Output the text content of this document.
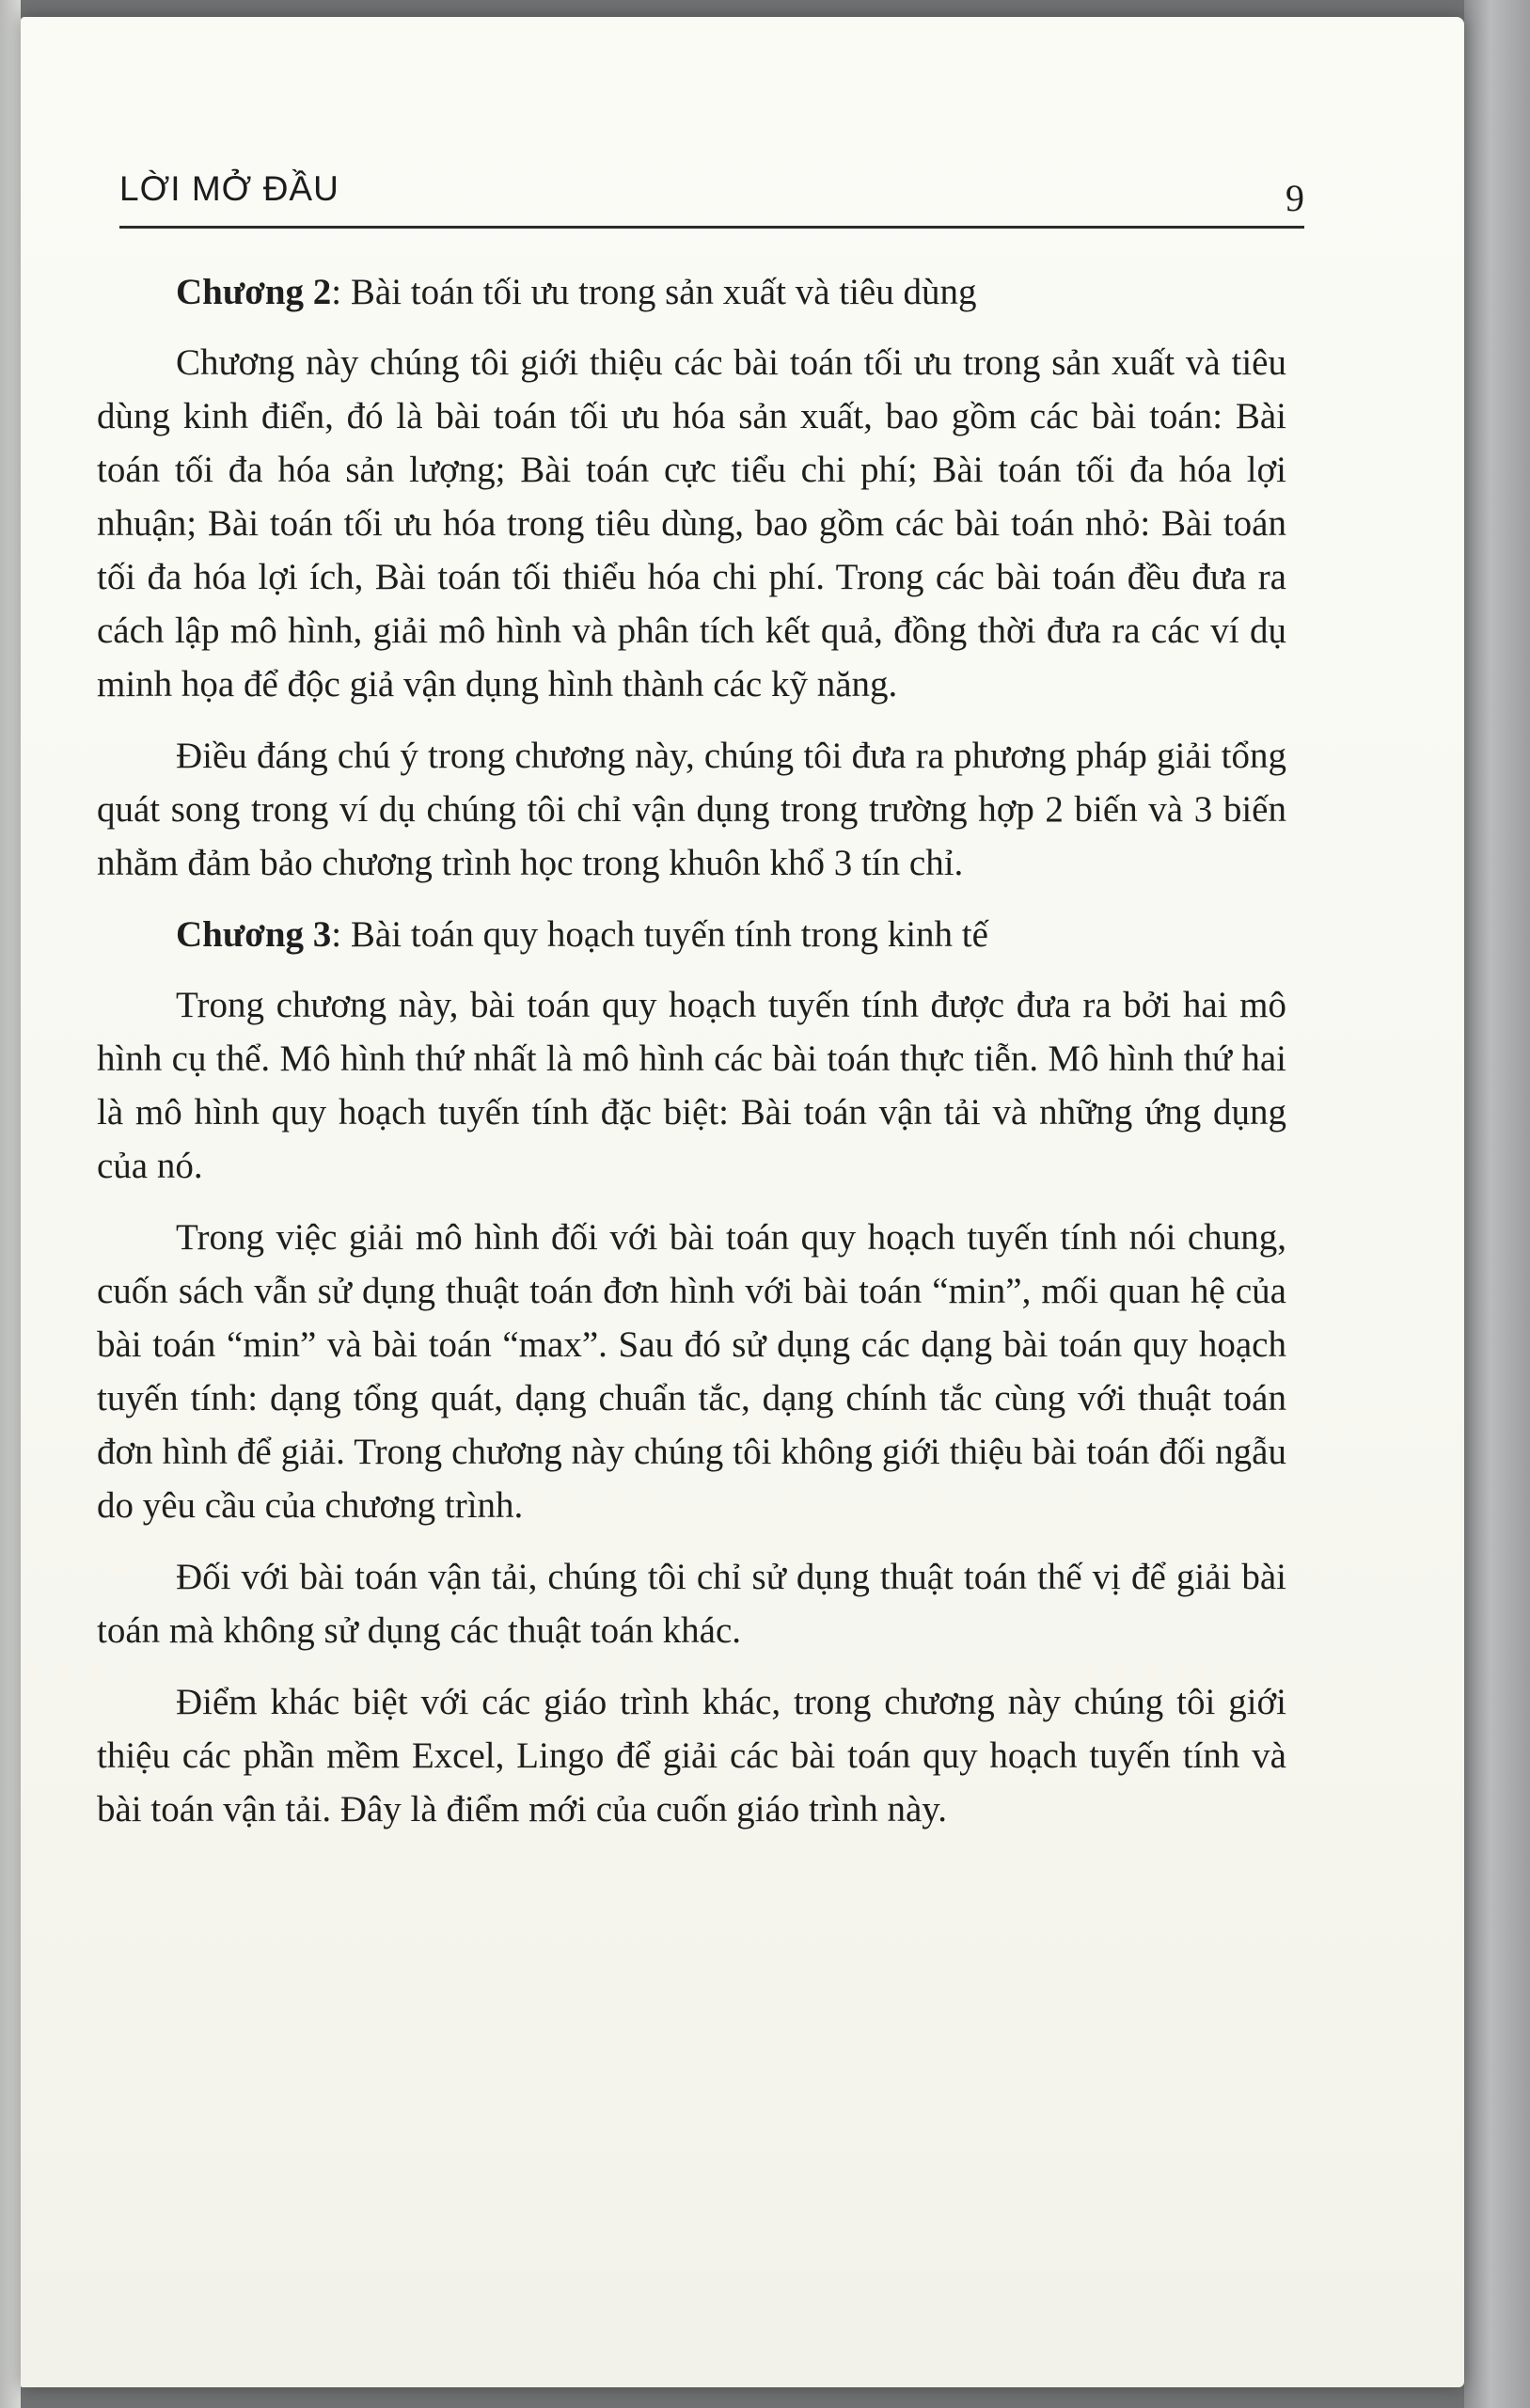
LỜI MỞ ĐẦU	9

Chương 2: Bài toán tối ưu trong sản xuất và tiêu dùng

Chương này chúng tôi giới thiệu các bài toán tối ưu trong sản xuất và tiêu dùng kinh điển, đó là bài toán tối ưu hóa sản xuất, bao gồm các bài toán: Bài toán tối đa hóa sản lượng; Bài toán cực tiểu chi phí; Bài toán tối đa hóa lợi nhuận; Bài toán tối ưu hóa trong tiêu dùng, bao gồm các bài toán nhỏ: Bài toán tối đa hóa lợi ích, Bài toán tối thiểu hóa chi phí. Trong các bài toán đều đưa ra cách lập mô hình, giải mô hình và phân tích kết quả, đồng thời đưa ra các ví dụ minh họa để độc giả vận dụng hình thành các kỹ năng.

Điều đáng chú ý trong chương này, chúng tôi đưa ra phương pháp giải tổng quát song trong ví dụ chúng tôi chỉ vận dụng trong trường hợp 2 biến và 3 biến nhằm đảm bảo chương trình học trong khuôn khổ 3 tín chỉ.

Chương 3: Bài toán quy hoạch tuyến tính trong kinh tế

Trong chương này, bài toán quy hoạch tuyến tính được đưa ra bởi hai mô hình cụ thể. Mô hình thứ nhất là mô hình các bài toán thực tiễn. Mô hình thứ hai là mô hình quy hoạch tuyến tính đặc biệt: Bài toán vận tải và những ứng dụng của nó.

Trong việc giải mô hình đối với bài toán quy hoạch tuyến tính nói chung, cuốn sách vẫn sử dụng thuật toán đơn hình với bài toán “min”, mối quan hệ của bài toán “min” và bài toán “max”. Sau đó sử dụng các dạng bài toán quy hoạch tuyến tính: dạng tổng quát, dạng chuẩn tắc, dạng chính tắc cùng với thuật toán đơn hình để giải. Trong chương này chúng tôi không giới thiệu bài toán đối ngẫu do yêu cầu của chương trình.

Đối với bài toán vận tải, chúng tôi chỉ sử dụng thuật toán thế vị để giải bài toán mà không sử dụng các thuật toán khác.

Điểm khác biệt với các giáo trình khác, trong chương này chúng tôi giới thiệu các phần mềm Excel, Lingo để giải các bài toán quy hoạch tuyến tính và bài toán vận tải. Đây là điểm mới của cuốn giáo trình này.
